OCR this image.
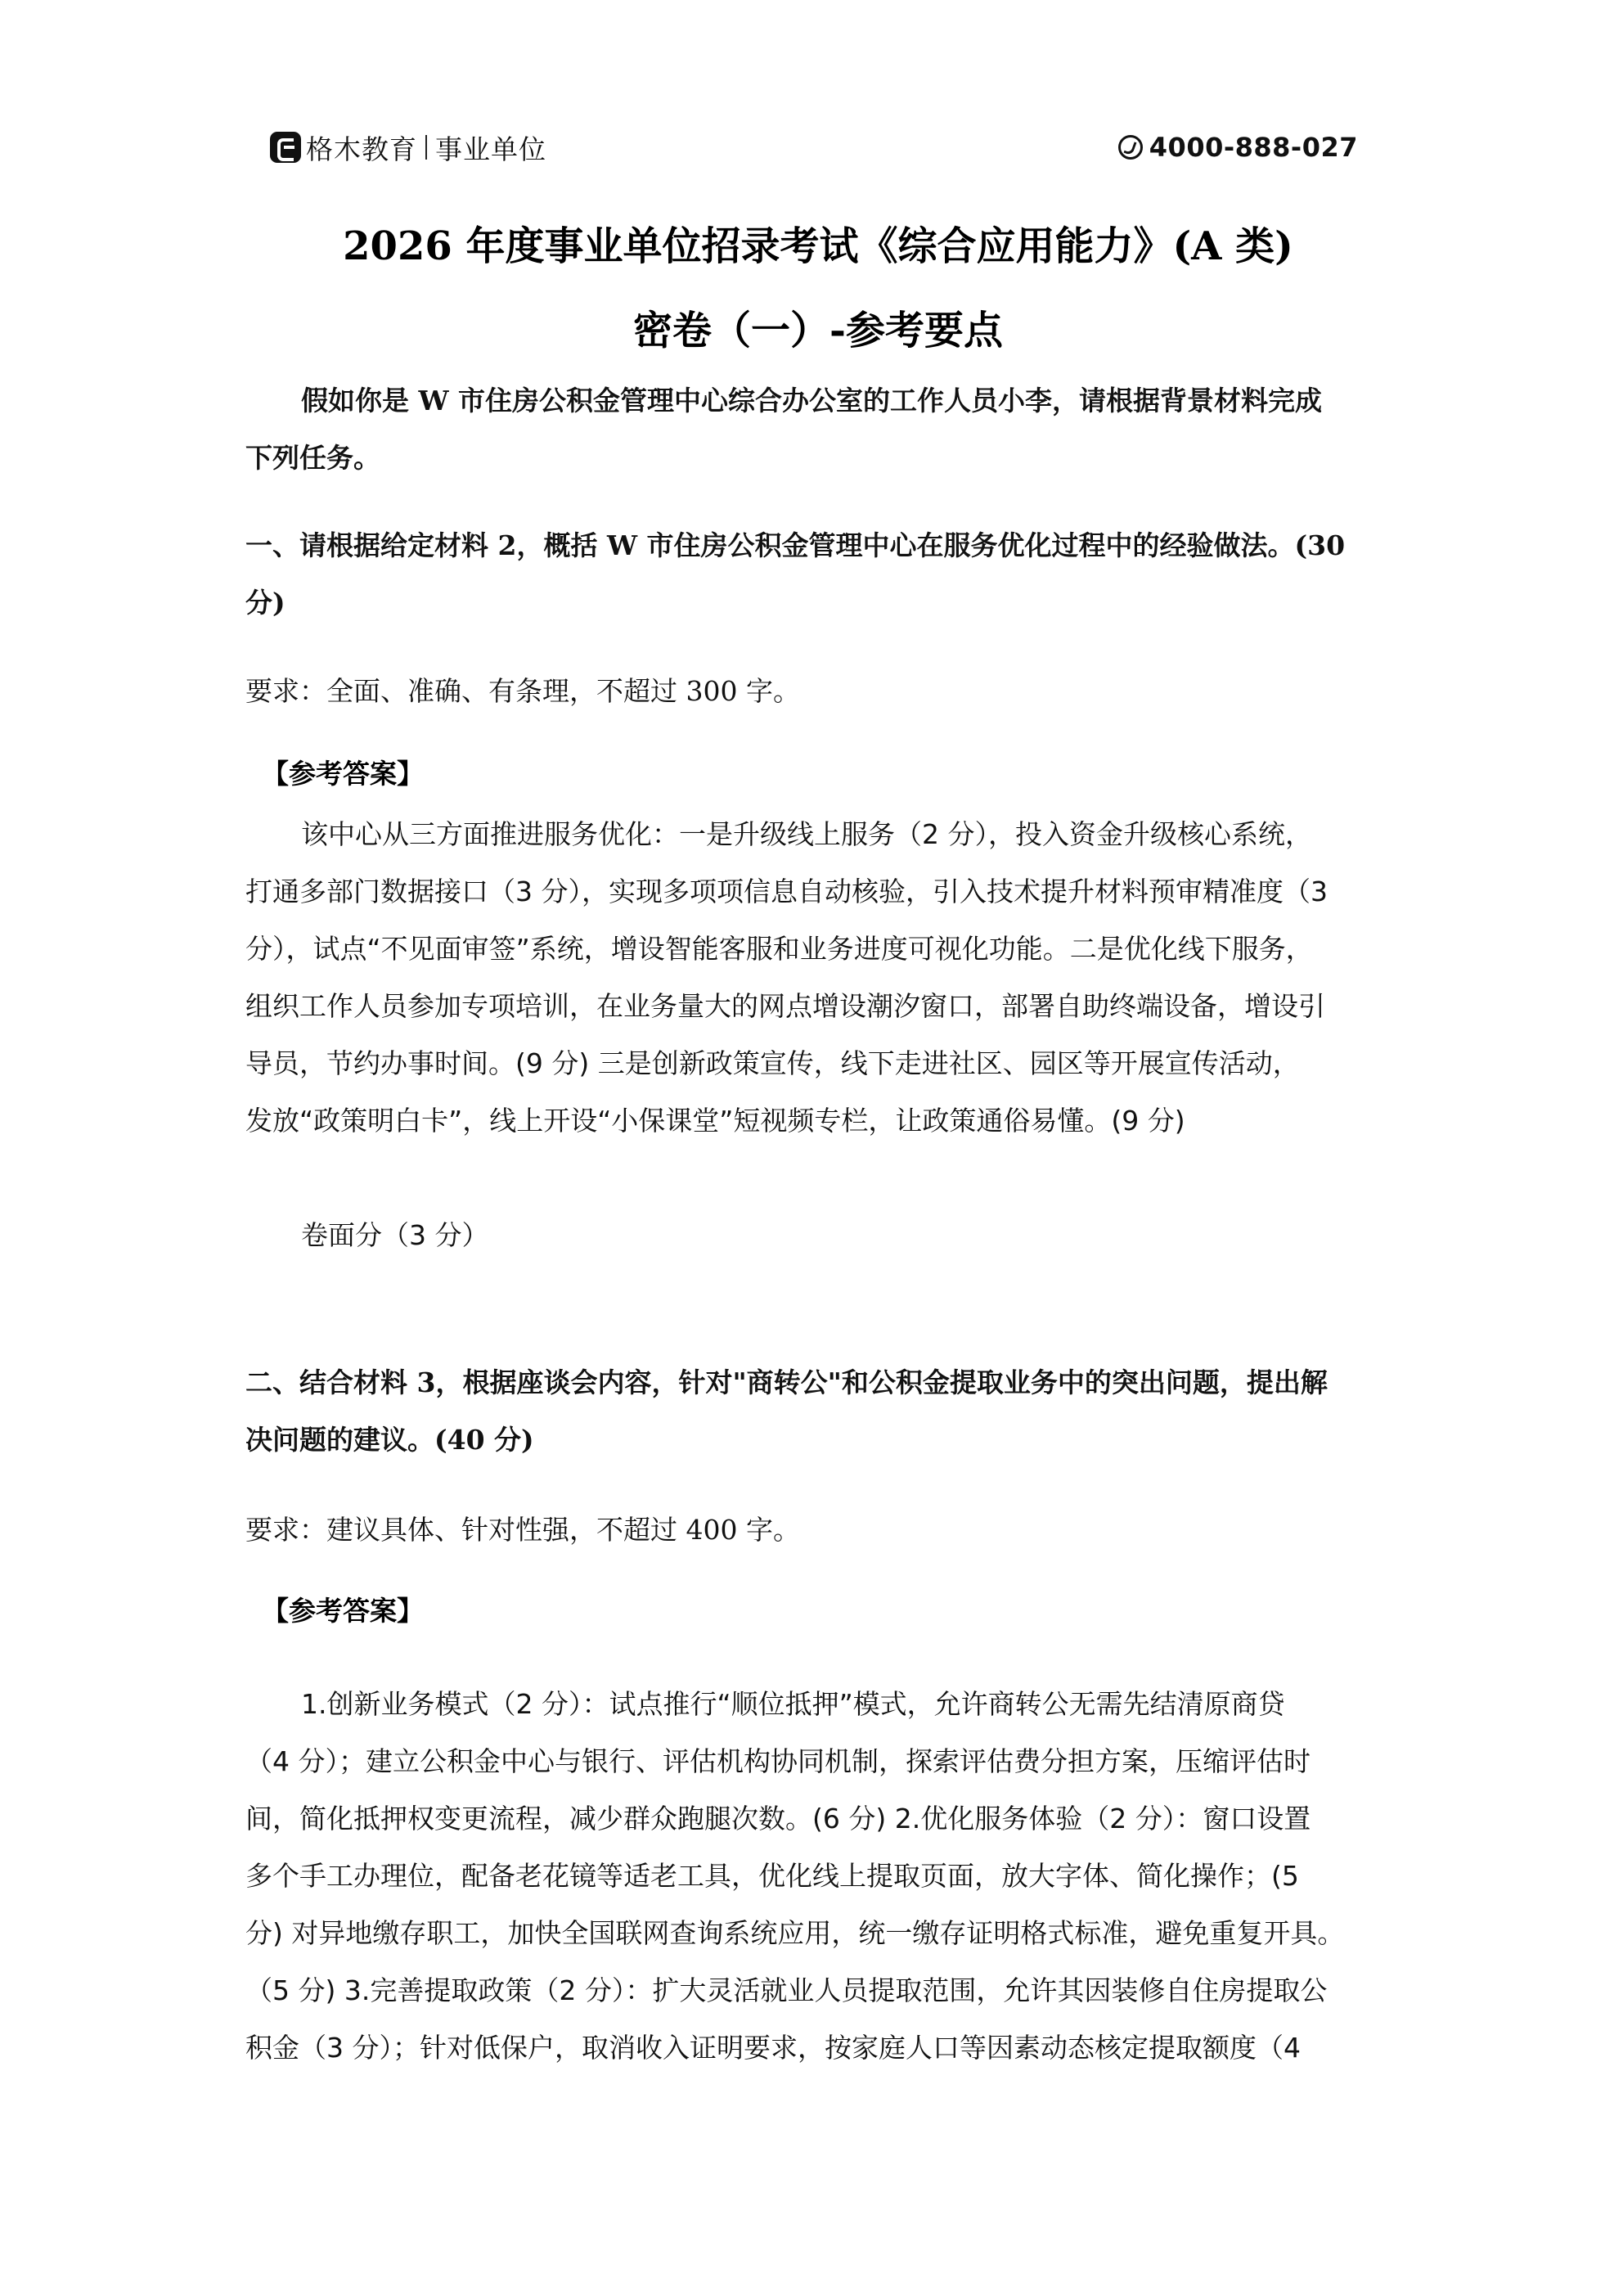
格木教育 事业单位	4000-888-027
2026 年度事业单位招录考试《综合应用能力》(A 类)
密卷（一）-参考要点
假如你是 W 市住房公积金管理中心综合办公室的工作人员小李，请根据背景材料完成
下列任务。
一、请根据给定材料 2，概括 W 市住房公积金管理中心在服务优化过程中的经验做法。(30
分)
要求：全面、准确、有条理，不超过 300 字。
【参考答案】
该中心从三方面推进服务优化：一是升级线上服务（2 分），投入资金升级核心系统，
打通多部门数据接口（3 分），实现多项项信息自动核验，引入技术提升材料预审精准度（3
分），试点“不见面审签”系统，增设智能客服和业务进度可视化功能。二是优化线下服务，
组织工作人员参加专项培训，在业务量大的网点增设潮汐窗口，部署自助终端设备，增设引
导员，节约办事时间。(9 分) 三是创新政策宣传，线下走进社区、园区等开展宣传活动，
发放“政策明白卡”，线上开设“小保课堂”短视频专栏，让政策通俗易懂。(9 分)
卷面分（3 分）
二、结合材料 3，根据座谈会内容，针对"商转公"和公积金提取业务中的突出问题，提出解
决问题的建议。(40 分)
要求：建议具体、针对性强，不超过 400 字。
【参考答案】
1.创新业务模式（2 分）：试点推行“顺位抵押”模式，允许商转公无需先结清原商贷
（4 分）；建立公积金中心与银行、评估机构协同机制，探索评估费分担方案，压缩评估时
间，简化抵押权变更流程，减少群众跑腿次数。(6 分) 2.优化服务体验（2 分）：窗口设置
多个手工办理位，配备老花镜等适老工具，优化线上提取页面，放大字体、简化操作；(5
分) 对异地缴存职工，加快全国联网查询系统应用，统一缴存证明格式标准，避免重复开具。
（5 分) 3.完善提取政策（2 分）：扩大灵活就业人员提取范围，允许其因装修自住房提取公
积金（3 分）；针对低保户，取消收入证明要求，按家庭人口等因素动态核定提取额度（4
